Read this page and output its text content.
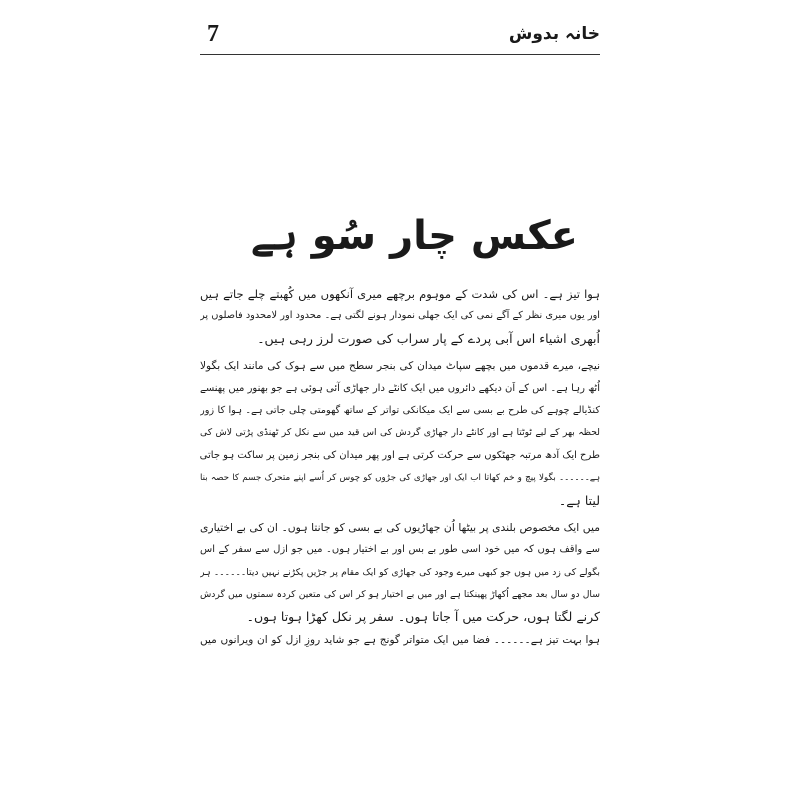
7	خانہ بدوش
عکس چار سُو ہے
ہوا تیز ہے۔ اس کی شدت کے موہوم برچھے میری آنکھوں میں کُھبتے چلے جاتے ہیں
اور یوں میری نظر کے آگے نمی کی ایک جھلی نمودار ہونے لگتی ہے۔ محدود اور لامحدود فاصلوں پر
اُبھری اشیاء اس آبی پردے کے پار سراب کی صورت لرز رہی ہیں۔
نیچے، میرے قدموں میں بچھے سپاٹ میدان کی بنجر سطح میں سے ہوک کی مانند ایک بگولا
اُٹھ رہا ہے۔ اس کے اَن دیکھے دائروں میں ایک کانٹے دار جھاڑی آئی ہوئی ہے جو بھنور میں پھنسے
کنڈیالے چوہے کی طرح بے بسی سے ایک میکانکی تواتر کے ساتھ گھومتی چلی جاتی ہے۔ ہوا کا زور
لحظہ بھر کے لیے ٹوٹتا ہے اور کانٹے دار جھاڑی گردش کی اس قید میں سے نکل کر ٹھنڈی پڑتی لاش کی
طرح ایک آدھ مرتبہ جھٹکوں سے حرکت کرتی ہے اور پھر میدان کی بنجر زمین پر ساکت ہو جاتی
ہے۔۔۔۔۔۔ بگولا پیچ و خم کھاتا اب ایک اور جھاڑی کی جڑوں کو چوس کر اُسے اپنے متحرک جسم کا حصہ بنا
لیتا ہے۔
میں ایک مخصوص بلندی پر بیٹھا اُن جھاڑیوں کی بے بسی کو جانتا ہوں۔ ان کی بے اختیاری
سے واقف ہوں کہ میں خود اسی طور بے بس اور بے اختیار ہوں۔ میں جو ازل سے سفر کے اس
بگولے کی زد میں ہوں جو کبھی میرے وجود کی جھاڑی کو ایک مقام پر جڑیں پکڑنے نہیں دیتا۔۔۔۔۔۔ ہر
سال دو سال بعد مجھے اُکھاڑ پھینکتا ہے اور میں بے اختیار ہو کر اس کی متعین کردہ سمتوں میں گردش
کرنے لگتا ہوں، حرکت میں آ جاتا ہوں۔ سفر پر نکل کھڑا ہوتا ہوں۔
ہوا بہت تیز ہے۔۔۔۔۔۔ فضا میں ایک متواتر گونج ہے جو شاید روزِ ازل کو ان ویرانوں میں
